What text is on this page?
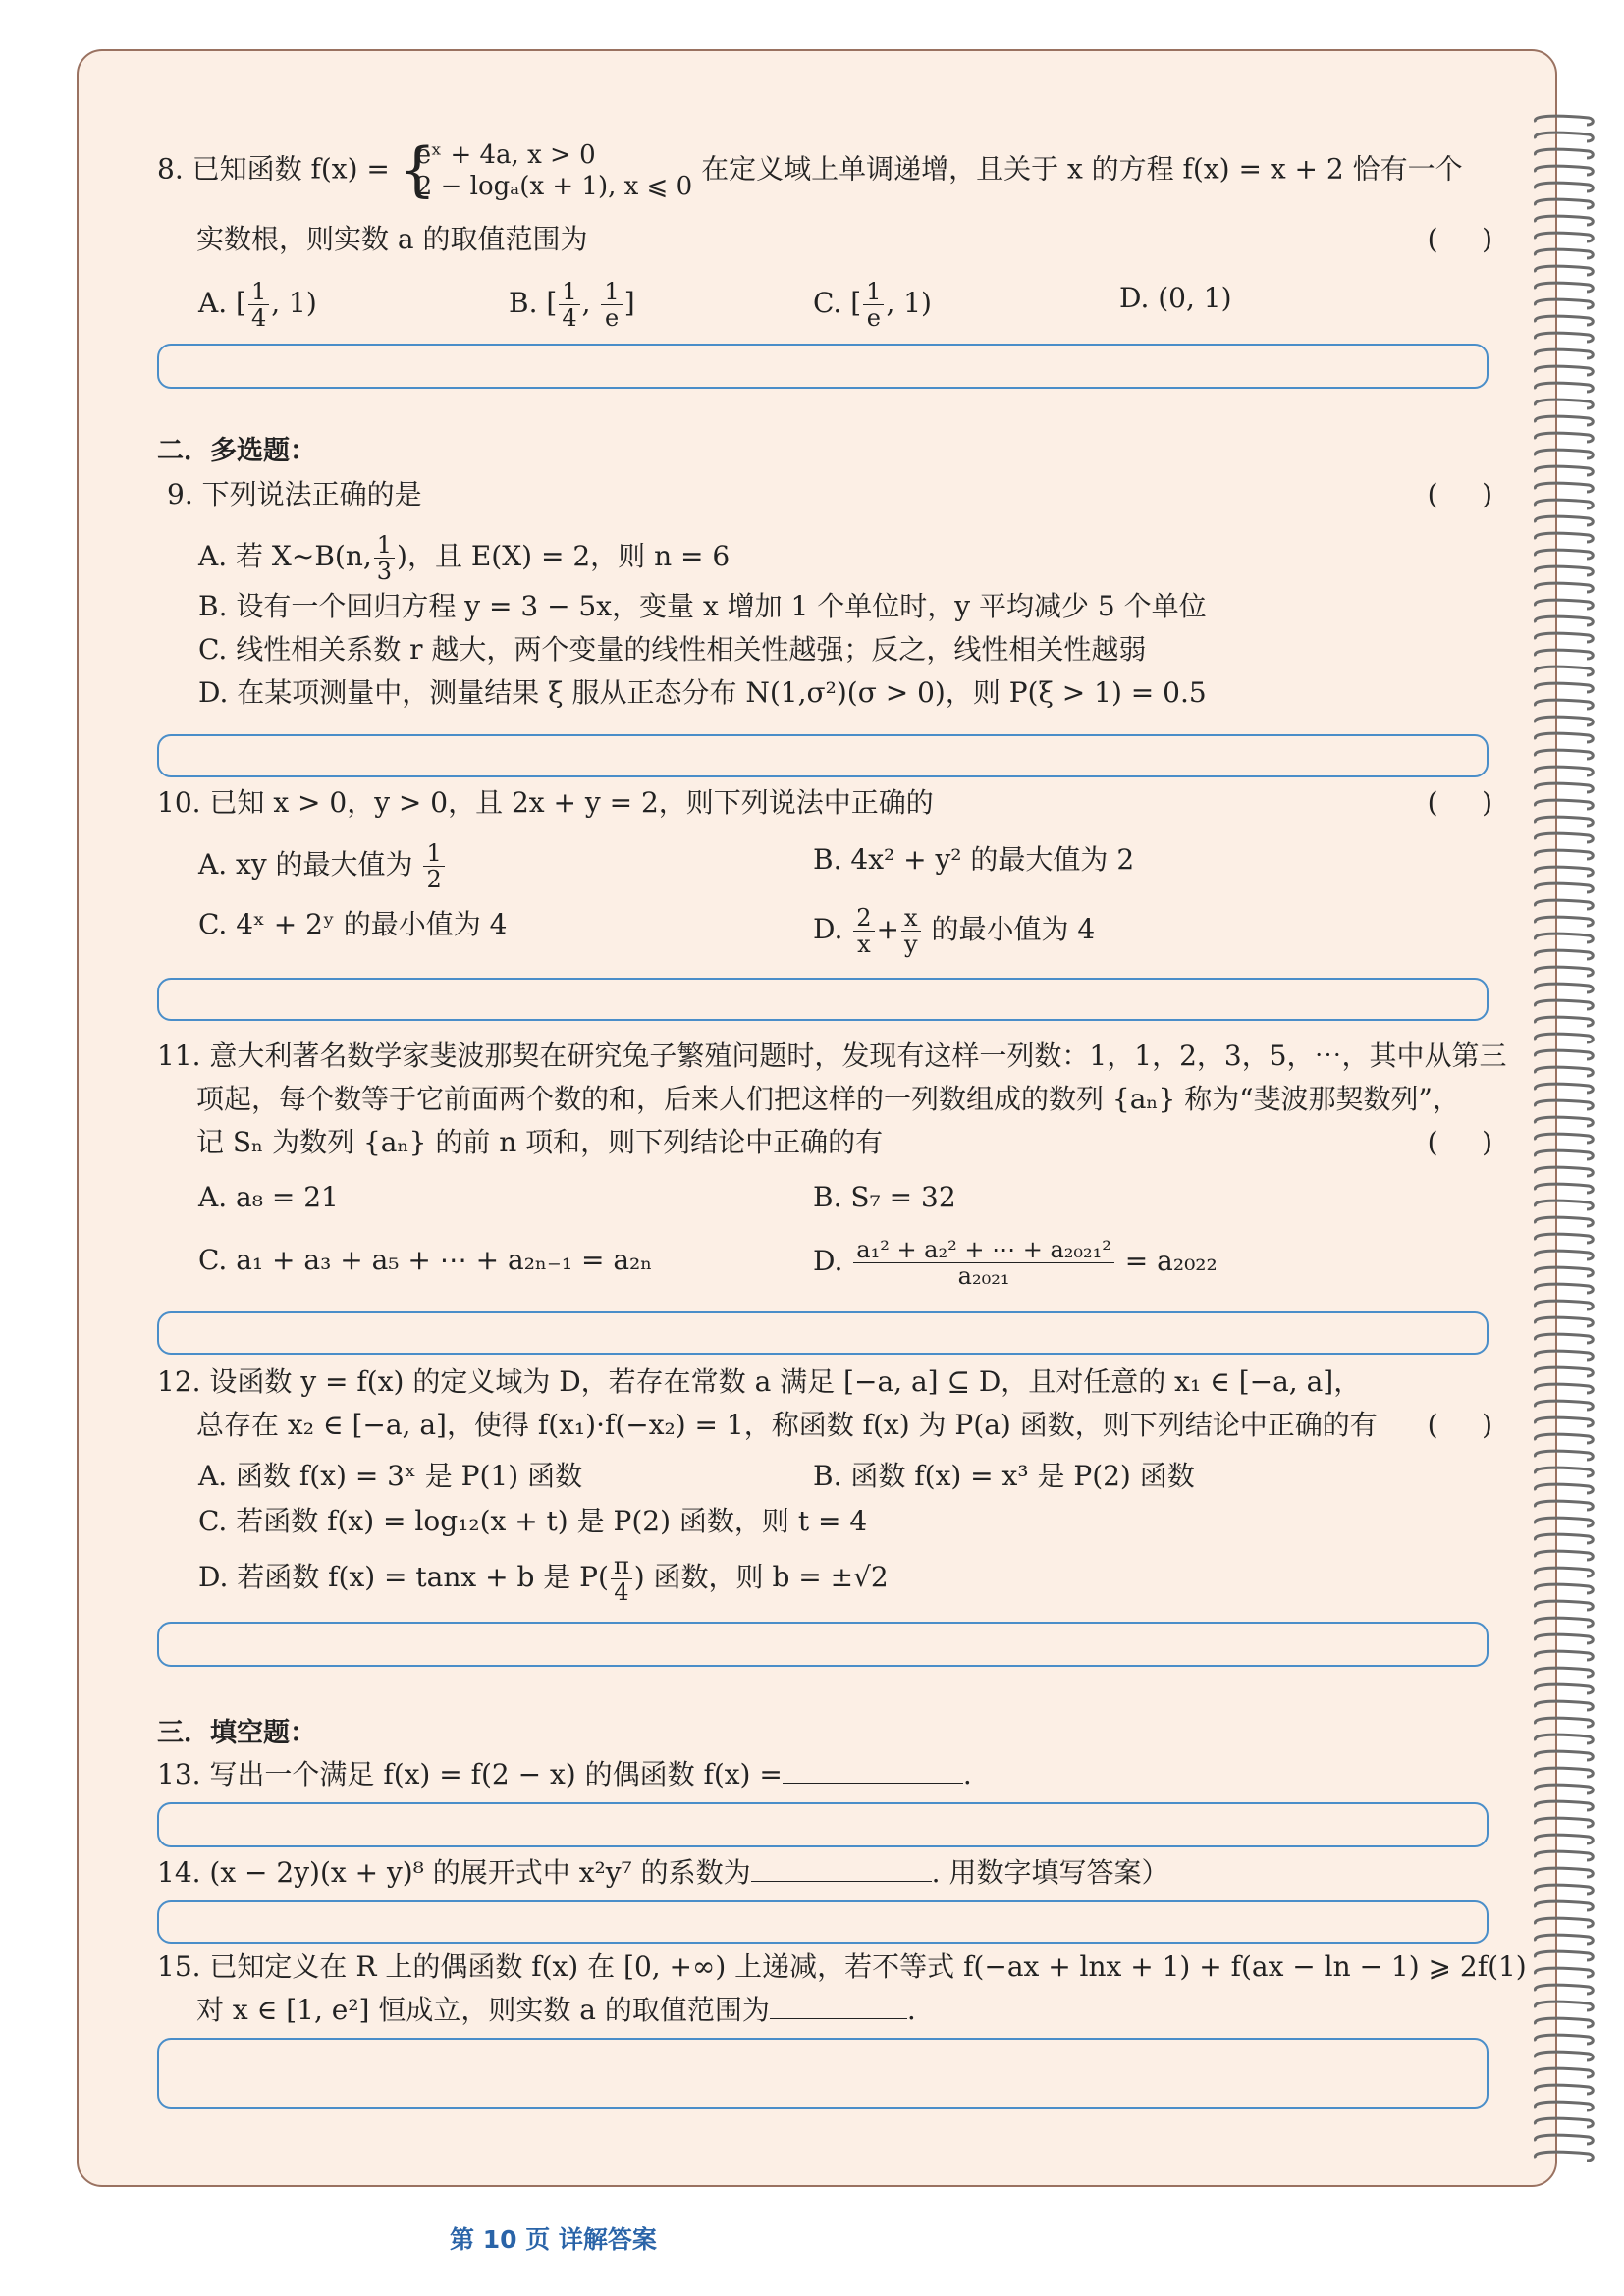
8. 已知函数 f(x) = {
eˣ + 4a, x > 0
2 − logₐ(x + 1), x ⩽ 0
在定义域上单调递增，且关于 x 的方程 f(x) = x + 2 恰有一个
实数根，则实数 a 的取值范围为	(     )
A. [ $\frac{1}{4}$ , 1)	B. [ $\frac{1}{4}$ , $\frac{1}{e}$ ]	C. [ $\frac{1}{e}$ , 1)	D. (0, 1)
二．多选题：
9. 下列说法正确的是	(     )
A. 若 X~B(n, $\frac{1}{3}$ )，且 E(X) = 2，则 n = 6
B. 设有一个回归方程 y = 3 − 5x，变量 x 增加 1 个单位时，y 平均减少 5 个单位
C. 线性相关系数 r 越大，两个变量的线性相关性越强；反之，线性相关性越弱
D. 在某项测量中，测量结果 ξ 服从正态分布 N(1,σ²)(σ > 0)，则 P(ξ > 1) = 0.5
10. 已知 x > 0，y > 0，且 2x + y = 2，则下列说法中正确的	(     )
A. xy 的最大值为 $\frac{1}{2}$	B. 4x² + y² 的最大值为 2
C. 4ˣ + 2ʸ 的最小值为 4	D. $\frac{2}{x} + \frac{x}{y}$ 的最小值为 4
11. 意大利著名数学家斐波那契在研究兔子繁殖问题时，发现有这样一列数：1，1，2，3，5，⋯，其中从第三
项起，每个数等于它前面两个数的和，后来人们把这样的一列数组成的数列 {aₙ} 称为“斐波那契数列”，
记 Sₙ 为数列 {aₙ} 的前 n 项和，则下列结论中正确的有	(     )
A. a₈ = 21	B. S₇ = 32
C. a₁ + a₃ + a₅ + ⋯ + a₂ₙ₋₁ = a₂ₙ	D. $\frac{\text{a₁² + a₂² + ⋯ + a₂₀₂₁²}}{\text{a₂₀₂₁}} = a_{2022}$
12. 设函数 y = f(x) 的定义域为 D，若存在常数 a 满足 [−a, a] ⊆ D，且对任意的 x₁ ∈ [−a, a]，
总存在 x₂ ∈ [−a, a]，使得 f(x₁)·f(−x₂) = 1，称函数 f(x) 为 P(a) 函数，则下列结论中正确的有 (     )
A. 函数 f(x) = 3ˣ 是 P(1) 函数	B. 函数 f(x) = x³ 是 P(2) 函数
C. 若函数 f(x) = log₁₂(x + t) 是 P(2) 函数，则 t = 4
D. 若函数 f(x) = tanx + b 是 $P( \frac{\pi}{4}$ ) 函数，则 b = ±√2
三．填空题：
13. 写出一个满足 f(x) = f(2 − x) 的偶函数 f(x) =	.
14. (x − 2y)(x + y)⁸ 的展开式中 x²y⁷ 的系数为	. 用数字填写答案）
15. 已知定义在 R 上的偶函数 f(x) 在 [0, +∞) 上递减，若不等式 f(−ax + lnx + 1) + f(ax − ln − 1) ⩾ 2f(1)
对 x ∈ [1, e²] 恒成立，则实数 a 的取值范围为	.
第 10 页 详解答案
